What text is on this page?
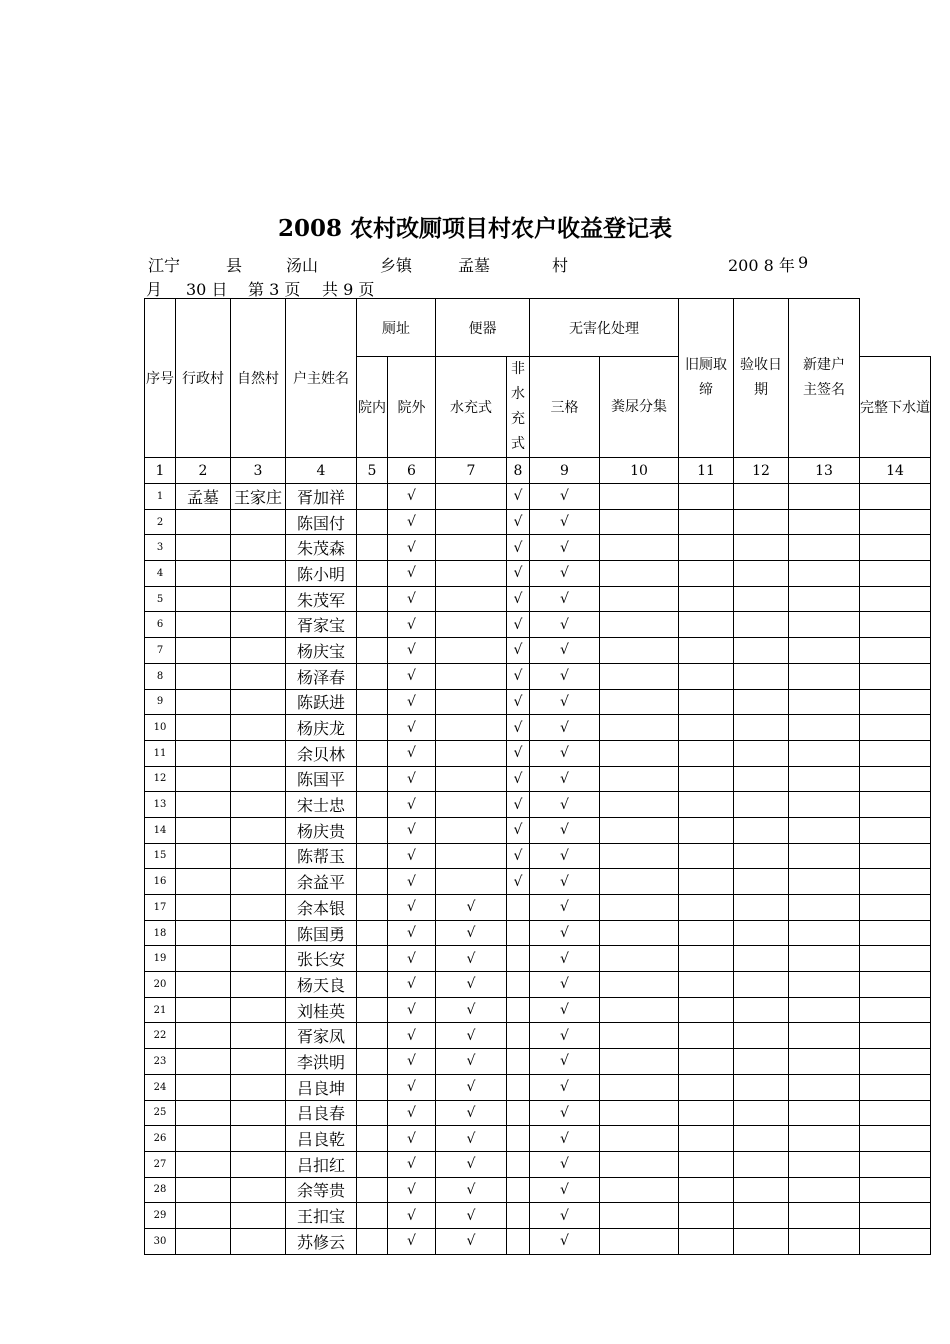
2008 农村改厕项目村农户收益登记表
江宁	县	汤山	乡镇	孟墓	村	200 8 年 9
月 30 日 第 3 页 共 9 页
序号	行政村	自然村	户主姓名	厕址		便器		无害化处理		旧厕取缔	验收日期	新建户主签名	
				院内	院外	水充式	非水充式	三格	粪尿分集				完整下水道
1	2	3	4	5	6	7	8	9	10	11	12	13	14
1	孟墓	王家庄	胥加祥		√		√	√					
2			陈国付		√		√	√					
3			朱茂森		√		√	√					
4			陈小明		√		√	√					
5			朱茂军		√		√	√					
6			胥家宝		√		√	√					
7			杨庆宝		√		√	√					
8			杨泽春		√		√	√					
9			陈跃进		√		√	√					
10			杨庆龙		√		√	√					
11			余贝林		√		√	√					
12			陈国平		√		√	√					
13			宋士忠		√		√	√					
14			杨庆贵		√		√	√					
15			陈帮玉		√		√	√					
16			余益平		√		√	√					
17			余本银		√	√		√					
18			陈国勇		√	√		√					
19			张长安		√	√		√					
20			杨天良		√	√		√					
21			刘桂英		√	√		√					
22			胥家凤		√	√		√					
23			李洪明		√	√		√					
24			吕良坤		√	√		√					
25			吕良春		√	√		√					
26			吕良乾		√	√		√					
27			吕扣红		√	√		√					
28			余等贵		√	√		√					
29			王扣宝		√	√		√					
30			苏修云		√	√		√					
